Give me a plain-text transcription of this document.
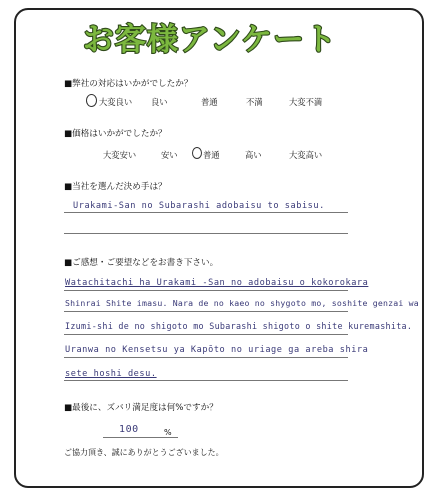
お客様アンケート
■弊社の対応はいかがでしたか？
大変良い 良い	普通	不満	大変不満
■価格はいかがでしたか？
大変安い	安い	普通	高い	大変高い
■当社を選んだ決め手は？
Urakami-San no Subarashi adobaisu to sabisu.
■ご感想・ご要望などをお書き下さい。
Watachitachi ha Urakami -San no adobaisu o kokorokara
Shinrai Shite imasu. Nara de no kaeo no shygoto mo, soshite genzai wa
Izumi-shi de no shigoto mo Subarashi shigoto o shite kuremashita.
Uranwa no Kensetsu ya Kapōto no uriage ga areba shira
sete hoshi desu.
■最後に、ズバリ満足度は何%ですか？
100	%
ご協力頂き、誠にありがとうございました。
